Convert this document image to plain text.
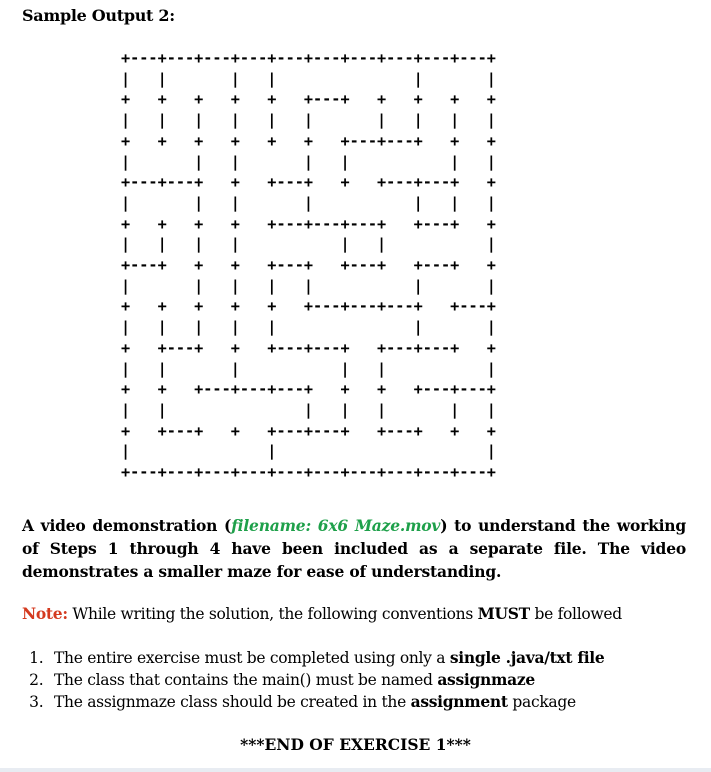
Sample Output 2:
+---+---+---+---+---+---+---+---+---+---+
|   |       |   |               |       |
+   +   +   +   +   +---+   +   +   +   +
|   |   |   |   |   |       |   |   |   |
+   +   +   +   +   +   +---+---+   +   +
|       |   |       |   |           |   |
+---+---+   +   +---+   +   +---+---+   +
|       |   |       |           |   |   |
+   +   +   +   +---+---+---+   +---+   +
|   |   |   |           |   |           |
+---+   +   +   +---+   +---+   +---+   +
|       |   |   |   |           |       |
+   +   +   +   +   +---+---+---+   +---+
|   |   |   |   |               |       |
+   +---+   +   +---+---+   +---+---+   +
|   |       |           |   |           |
+   +   +---+---+---+   +   +   +---+---+
|   |               |   |   |       |   |
+   +---+   +   +---+---+   +---+   +   +
|               |                       |
+---+---+---+---+---+---+---+---+---+---+

A video demonstration (filename: 6x6 Maze.mov) to understand the working of Steps 1 through 4 have been included as a separate file. The video demonstrates a smaller maze for ease of understanding.

Note: While writing the solution, the following conventions MUST be followed

1. The entire exercise must be completed using only a single .java/txt file
2. The class that contains the main() must be named assignmaze
3. The assignmaze class should be created in the assignment package
***END OF EXERCISE 1***
